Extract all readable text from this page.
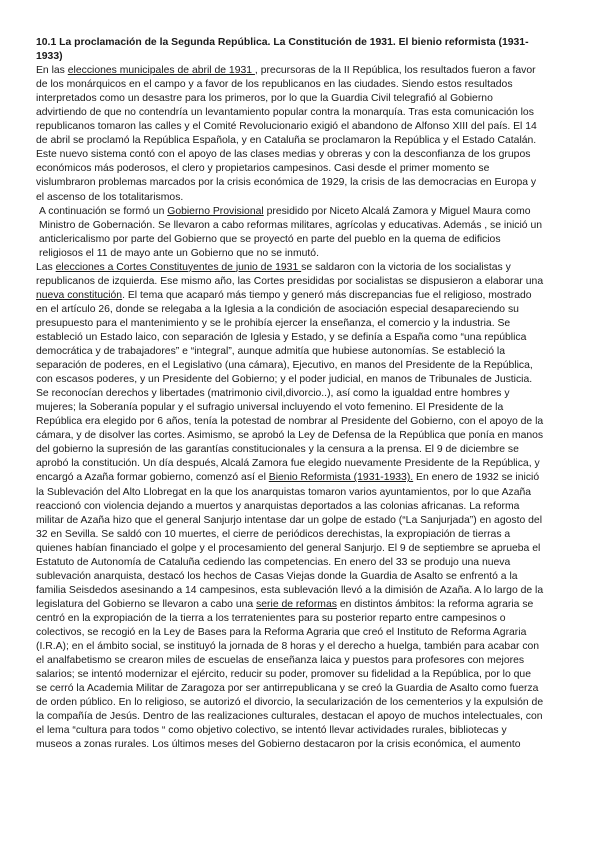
10.1 La proclamación de la Segunda República. La Constitución de 1931. El bienio reformista (1931-1933)

En las elecciones municipales de abril de 1931 , precursoras de la II República, los resultados fueron a favor de los monárquicos en el campo y a favor de los republicanos en las ciudades. Siendo estos resultados interpretados como un desastre para los primeros, por lo que la Guardia Civil telegrafió al Gobierno advirtiendo de que no contendría un levantamiento popular contra la monarquía. Tras esta comunicación los republicanos tomaron las calles y el Comité Revolucionario exigió el abandono de Alfonso XIII del país. El 14 de abril se proclamó la República Española, y en Cataluña se proclamaron la República y el Estado Catalán. Este nuevo sistema contó con el apoyo de las clases medias y obreras y con la desconfianza de los grupos económicos más poderosos, el clero y propietarios campesinos. Casi desde el primer momento se vislumbraron problemas marcados por la crisis económica de 1929, la crisis de las democracias en Europa y el ascenso de los totalitarismos.

A continuación se formó un Gobierno Provisional presidido por Niceto Alcalá Zamora y Miguel Maura como Ministro de Gobernación. Se llevaron a cabo reformas militares, agrícolas y educativas. Además , se inició un anticlericalismo por parte del Gobierno que se proyectó en parte del pueblo en la quema de edificios religiosos el 11 de mayo ante un Gobierno que no se inmutó.

Las elecciones a Cortes Constituyentes de junio de 1931 se saldaron con la victoria de los socialistas y republicanos de izquierda. Ese mismo año, las Cortes presididas por socialistas se dispusieron a elaborar una nueva constitución. El tema que acaparó más tiempo y generó más discrepancias fue el religioso, mostrado en el artículo 26, donde se relegaba a la Iglesia a la condición de asociación especial desapareciendo su presupuesto para el mantenimiento y se le prohibía ejercer la enseñanza, el comercio y la industria. Se estableció un Estado laico, con separación de Iglesia y Estado, y se definía a España como “una república democrática y de trabajadores” e “integral”, aunque admitía que hubiese autonomías. Se estableció la separación de poderes, en el Legislativo (una cámara), Ejecutivo, en manos del Presidente de la República, con escasos poderes, y un Presidente del Gobierno; y el poder judicial, en manos de Tribunales de Justicia. Se reconocían derechos y libertades (matrimonio civil,divorcio..), así como la igualdad entre hombres y mujeres; la Soberanía popular y el sufragio universal incluyendo el voto femenino. El Presidente de la República era elegido por 6 años, tenía la potestad de nombrar al Presidente del Gobierno, con el apoyo de la cámara, y de disolver las cortes. Asimismo, se aprobó la Ley de Defensa de la República que ponía en manos del gobierno la supresión de las garantías constitucionales y la censura a la prensa. El 9 de diciembre se aprobó la constitución. Un día después, Alcalá Zamora fue elegido nuevamente Presidente de la República, y encargó a Azaña formar gobierno, comenzó así el Bienio Reformista (1931-1933). En enero de 1932 se inició la Sublevación del Alto Llobregat en la que los anarquistas tomaron varios ayuntamientos, por lo que Azaña reaccionó con violencia dejando a muertos y anarquistas deportados a las colonias africanas. La reforma militar de Azaña hizo que el general Sanjurjo intentase dar un golpe de estado (“La Sanjurjada”) en agosto del 32 en Sevilla. Se saldó con 10 muertes, el cierre de periódicos derechistas, la expropiación de tierras a quienes habían financiado el golpe y el procesamiento del general Sanjurjo. El 9 de septiembre se aprueba el Estatuto de Autonomía de Cataluña cediendo las competencias. En enero del 33 se produjo una nueva sublevación anarquista, destacó los hechos de Casas Viejas donde la Guardia de Asalto se enfrentó a la familia Seisdedos asesinando a 14 campesinos, esta sublevación llevó a la dimisión de Azaña. A lo largo de la legislatura del Gobierno se llevaron a cabo una serie de reformas en distintos ámbitos: la reforma agraria se centró en la expropiación de la tierra a los terratenientes para su posterior reparto entre campesinos o colectivos, se recogió en la Ley de Bases para la Reforma Agraria que creó el Instituto de Reforma Agraria (I.R.A); en el ámbito social, se instituyó la jornada de 8 horas y el derecho a huelga, también para acabar con el analfabetismo se crearon miles de escuelas de enseñanza laica y puestos para profesores con mejores salarios; se intentó modernizar el ejército, reducir su poder, promover su fidelidad a la República, por lo que se cerró la Academia Militar de Zaragoza por ser antirrepublicana y se creó la Guardia de Asalto como fuerza de orden público. En lo religioso, se autorizó el divorcio, la secularización de los cementerios y la expulsión de la compañía de Jesús. Dentro de las realizaciones culturales, destacan el apoyo de muchos intelectuales, con el lema “cultura para todos “ como objetivo colectivo, se intentó llevar actividades rurales, bibliotecas y museos a zonas rurales. Los últimos meses del Gobierno destacaron por la crisis económica, el aumento
